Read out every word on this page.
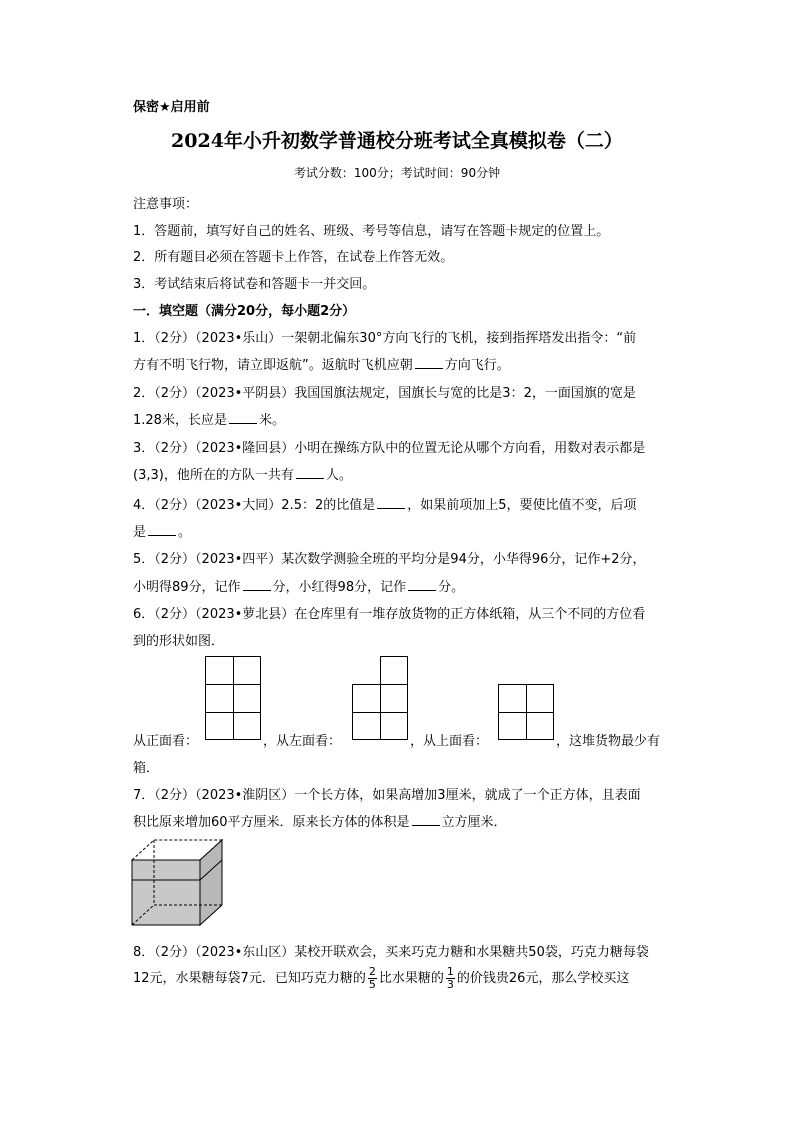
保密★启用前
2024年小升初数学普通校分班考试全真模拟卷（二）
考试分数：100分；考试时间：90分钟
注意事项：
1．答题前，填写好自己的姓名、班级、考号等信息，请写在答题卡规定的位置上。
2．所有题目必须在答题卡上作答，在试卷上作答无效。
3．考试结束后将试卷和答题卡一并交回。
一．填空题（满分20分，每小题2分）
1．（2分）（2023•乐山）一架朝北偏东30°方向飞行的飞机，接到指挥塔发出指令：“前
方有不明飞行物，请立即返航”。返航时飞机应朝 方向飞行。
2．（2分）（2023•平阴县）我国国旗法规定，国旗长与宽的比是3：2，一面国旗的宽是
1.28米，长应是 米。
3．（2分）（2023•隆回县）小明在操练方队中的位置无论从哪个方向看，用数对表示都是
(3,3)，他所在的方队一共有 人。
4．（2分）（2023•大同）2.5：2的比值是 ，如果前项加上5，要使比值不变，后项
是 。
5．（2分）（2023•四平）某次数学测验全班的平均分是94分，小华得96分，记作+2分，
小明得89分，记作 分，小红得98分，记作 分。
6．（2分）（2023•萝北县）在仓库里有一堆存放货物的正方体纸箱，从三个不同的方位看
到的形状如图．
从正面看：	，从左面看：	，从上面看：	，这堆货物最少有
箱．
7．（2分）（2023•淮阴区）一个长方体，如果高增加3厘米，就成了一个正方体，且表面
积比原来增加60平方厘米．原来长方体的体积是 立方厘米．
8．（2分）（2023•东山区）某校开联欢会，买来巧克力糖和水果糖共50袋，巧克力糖每袋
12元，水果糖每袋7元．已知巧克力糖的 $\frac{2}{5}$ 比水果糖的 $\frac{1}{3}$ 的价钱贵26元，那么学校买这
